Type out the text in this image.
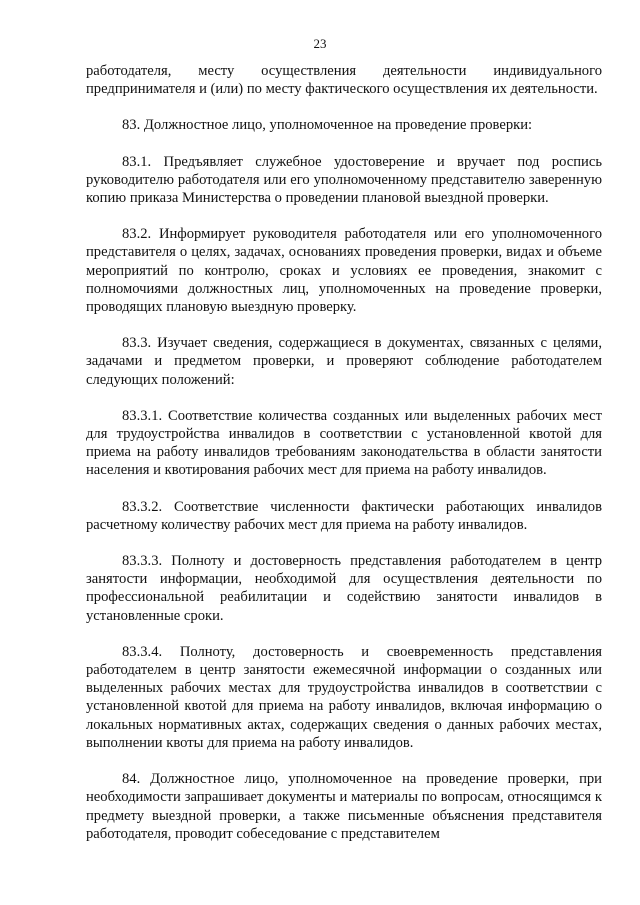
23

работодателя, месту осуществления деятельности индивидуального предпринимателя и (или) по месту фактического осуществления их деятельности.

83. Должностное лицо, уполномоченное на проведение проверки:

83.1. Предъявляет служебное удостоверение и вручает под роспись руководителю работодателя или его уполномоченному представителю заверенную копию приказа Министерства о проведении плановой выездной проверки.

83.2. Информирует руководителя работодателя или его уполномоченного представителя о целях, задачах, основаниях проведения проверки, видах и объеме мероприятий по контролю, сроках и условиях ее проведения, знакомит с полномочиями должностных лиц, уполномоченных на проведение проверки, проводящих плановую выездную проверку.

83.3. Изучает сведения, содержащиеся в документах, связанных с целями, задачами и предметом проверки, и проверяют соблюдение работодателем следующих положений:

83.3.1. Соответствие количества созданных или выделенных рабочих мест для трудоустройства инвалидов в соответствии с установленной квотой для приема на работу инвалидов требованиям законодательства в области занятости населения и квотирования рабочих мест для приема на работу инвалидов.

83.3.2. Соответствие численности фактически работающих инвалидов расчетному количеству рабочих мест для приема на работу инвалидов.

83.3.3. Полноту и достоверность представления работодателем в центр занятости информации, необходимой для осуществления деятельности по профессиональной реабилитации и содействию занятости инвалидов в установленные сроки.

83.3.4. Полноту, достоверность и своевременность представления работодателем в центр занятости ежемесячной информации о созданных или выделенных рабочих местах для трудоустройства инвалидов в соответствии с установленной квотой для приема на работу инвалидов, включая информацию о локальных нормативных актах, содержащих сведения о данных рабочих местах, выполнении квоты для приема на работу инвалидов.

84. Должностное лицо, уполномоченное на проведение проверки, при необходимости запрашивает документы и материалы по вопросам, относящимся к предмету выездной проверки, а также письменные объяснения представителя работодателя, проводит собеседование с представителем
